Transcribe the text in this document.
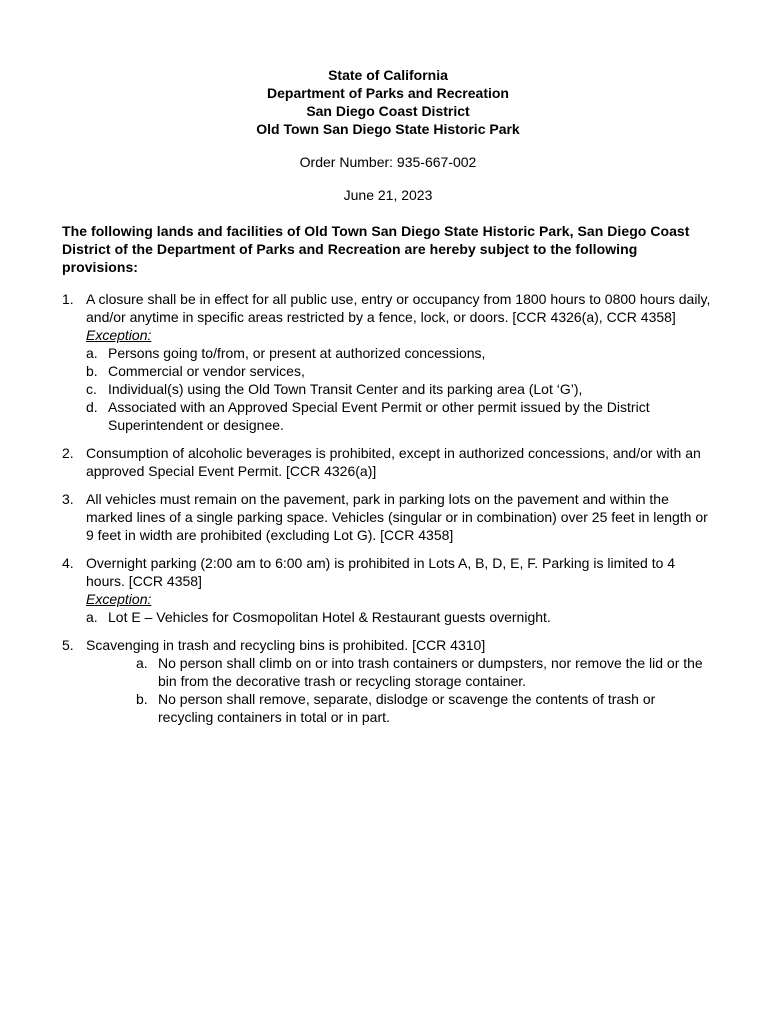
State of California
Department of Parks and Recreation
San Diego Coast District
Old Town San Diego State Historic Park
Order Number: 935-667-002
June 21, 2023
The following lands and facilities of Old Town San Diego State Historic Park, San Diego Coast District of the Department of Parks and Recreation are hereby subject to the following provisions:
1. A closure shall be in effect for all public use, entry or occupancy from 1800 hours to 0800 hours daily, and/or anytime in specific areas restricted by a fence, lock, or doors. [CCR 4326(a), CCR 4358]
Exception:
a. Persons going to/from, or present at authorized concessions,
b. Commercial or vendor services,
c. Individual(s) using the Old Town Transit Center and its parking area (Lot ‘G’),
d. Associated with an Approved Special Event Permit or other permit issued by the District Superintendent or designee.
2. Consumption of alcoholic beverages is prohibited, except in authorized concessions, and/or with an approved Special Event Permit. [CCR 4326(a)]
3. All vehicles must remain on the pavement, park in parking lots on the pavement and within the marked lines of a single parking space. Vehicles (singular or in combination) over 25 feet in length or 9 feet in width are prohibited (excluding Lot G). [CCR 4358]
4. Overnight parking (2:00 am to 6:00 am) is prohibited in Lots A, B, D, E, F. Parking is limited to 4 hours. [CCR 4358]
Exception:
a. Lot E – Vehicles for Cosmopolitan Hotel & Restaurant guests overnight.
5. Scavenging in trash and recycling bins is prohibited. [CCR 4310]
a. No person shall climb on or into trash containers or dumpsters, nor remove the lid or the bin from the decorative trash or recycling storage container.
b. No person shall remove, separate, dislodge or scavenge the contents of trash or recycling containers in total or in part.
